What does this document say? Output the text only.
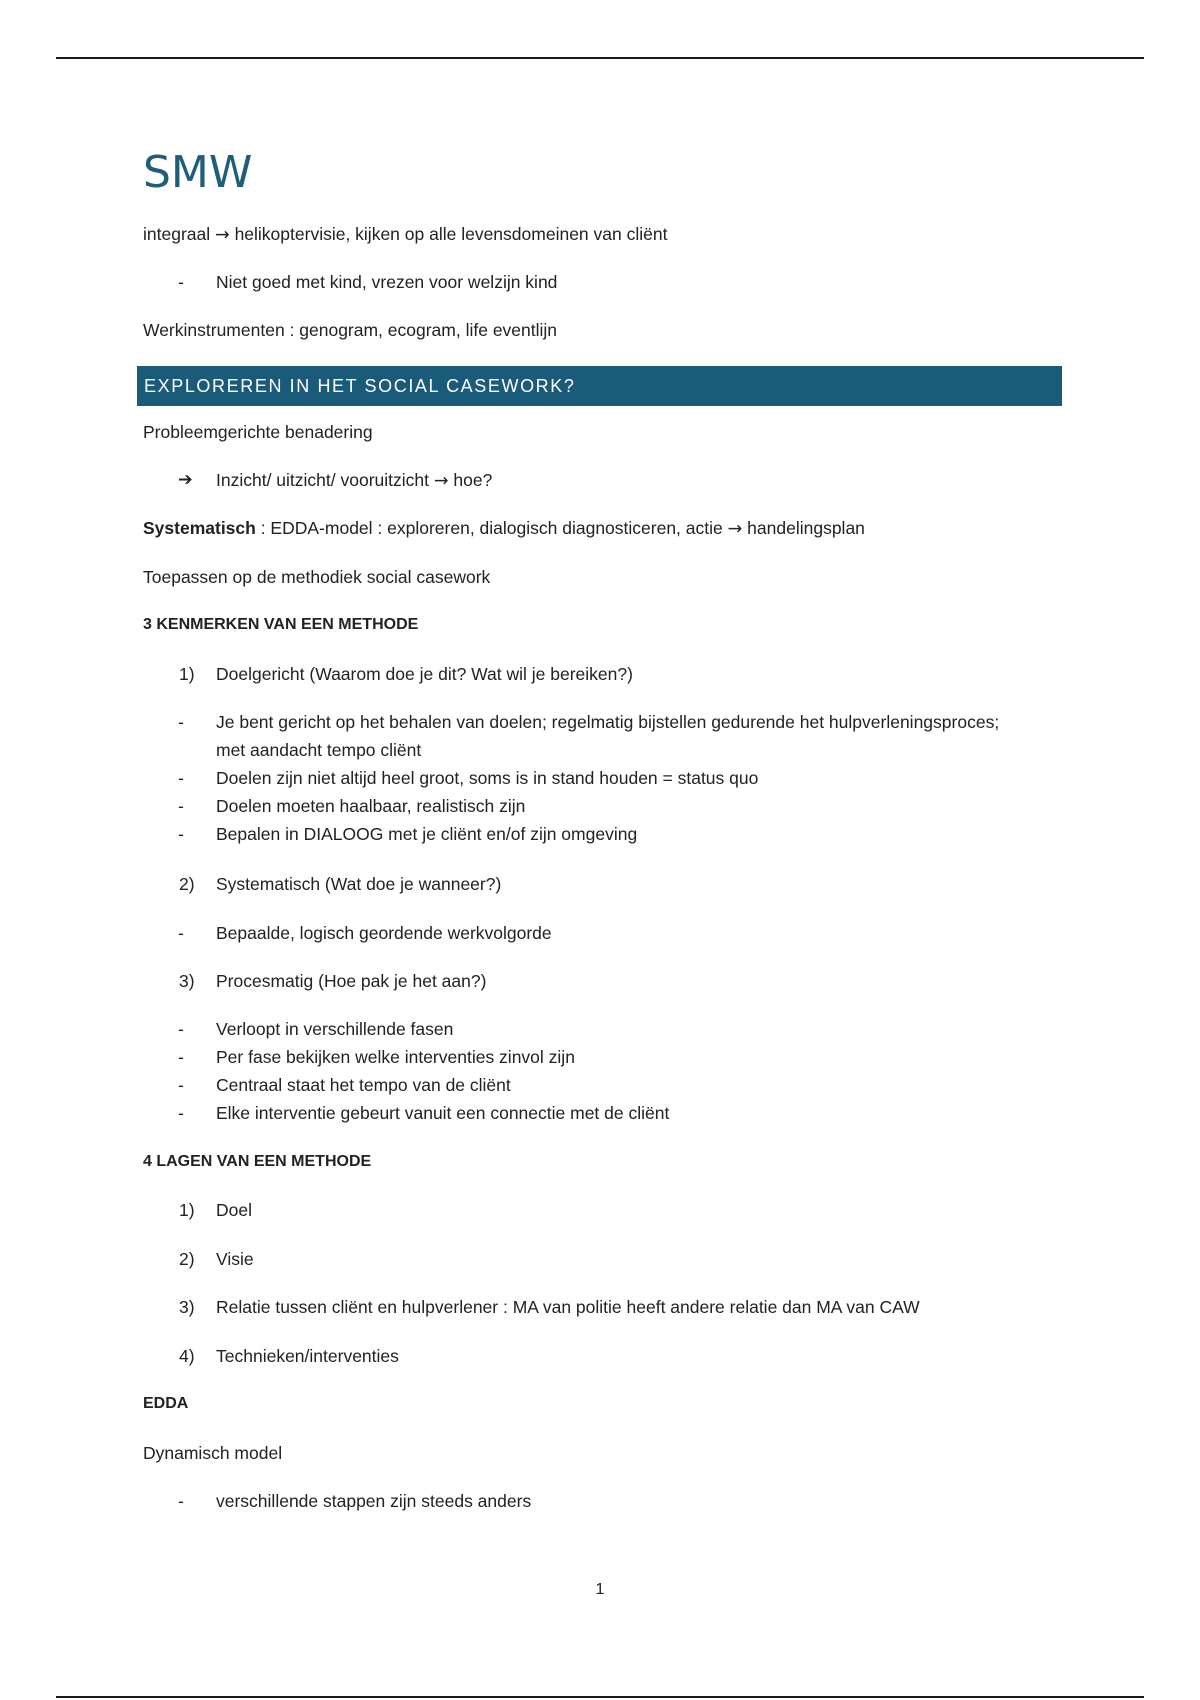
SMW
integraal → helikoptervisie, kijken op alle levensdomeinen van cliënt
-	Niet goed met kind, vrezen voor welzijn kind
Werkinstrumenten : genogram, ecogram, life eventlijn
EXPLOREREN IN HET SOCIAL CASEWORK?
Probleemgerichte benadering
➔	Inzicht/ uitzicht/ vooruitzicht → hoe?
Systematisch : EDDA-model : exploreren, dialogisch diagnosticeren, actie → handelingsplan
Toepassen op de methodiek social casework
3 KENMERKEN VAN EEN METHODE
1)	Doelgericht (Waarom doe je dit? Wat wil je bereiken?)
-	Je bent gericht op het behalen van doelen; regelmatig bijstellen gedurende het hulpverleningsproces;
met aandacht tempo cliënt
-	Doelen zijn niet altijd heel groot, soms is in stand houden = status quo
-	Doelen moeten haalbaar, realistisch zijn
-	Bepalen in DIALOOG met je cliënt en/of zijn omgeving
2)	Systematisch (Wat doe je wanneer?)
-	Bepaalde, logisch geordende werkvolgorde
3)	Procesmatig (Hoe pak je het aan?)
-	Verloopt in verschillende fasen
-	Per fase bekijken welke interventies zinvol zijn
-	Centraal staat het tempo van de cliënt
-	Elke interventie gebeurt vanuit een connectie met de cliënt
4 LAGEN VAN EEN METHODE
1)	Doel
2)	Visie
3)	Relatie tussen cliënt en hulpverlener : MA van politie heeft andere relatie dan MA van CAW
4)	Technieken/interventies
EDDA
Dynamisch model
-	verschillende stappen zijn steeds anders
1
